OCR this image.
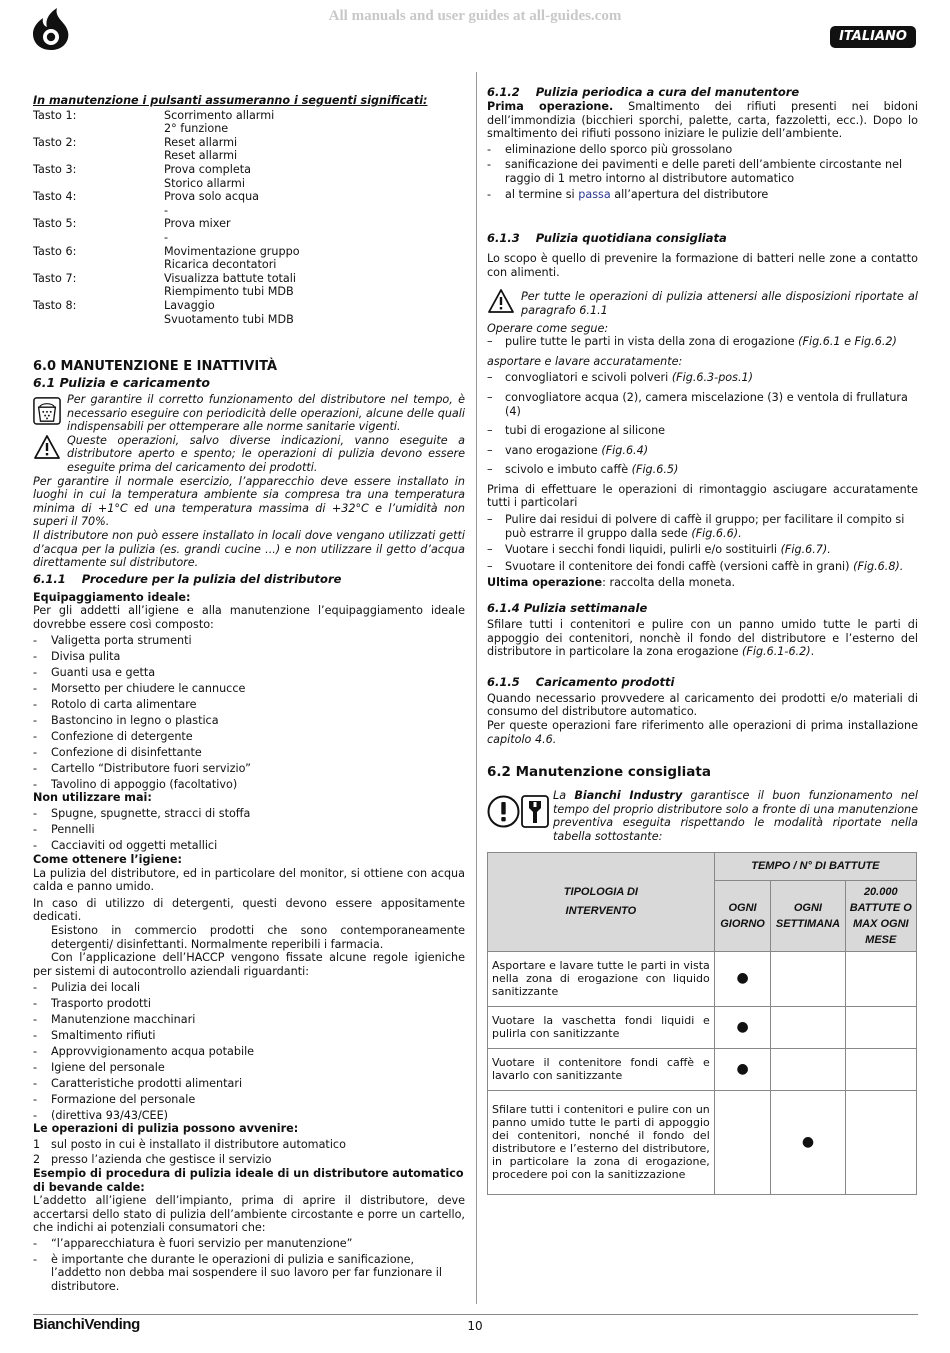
All manuals and user guides at all-guides.com
ITALIANO

In manutenzione i pulsanti assumeranno i seguenti significati:

Tasto 1:	Scorrimento allarmi
2° funzione
Tasto 2:	Reset allarmi
Reset allarmi
Tasto 3:	Prova completa
Storico allarmi
Tasto 4:	Prova solo acqua
-
Tasto 5:	Prova mixer
-
Tasto 6:	Movimentazione gruppo
Ricarica decontatori
Tasto 7:	Visualizza battute totali
Riempimento tubi MDB
Tasto 8:	Lavaggio
Svuotamento tubi MDB

6.0 MANUTENZIONE E INATTIVITÀ

6.1 Pulizia e caricamento

Per garantire il corretto funzionamento del distributore nel tempo, è necessario eseguire con periodicità delle operazioni, alcune delle quali indispensabili per ottemperare alle norme sanitarie vigenti.

Queste operazioni, salvo diverse indicazioni, vanno eseguite a distributore aperto e spento; le operazioni di pulizia devono essere eseguite prima del caricamento dei prodotti.

Per garantire il normale esercizio, l’apparecchio deve essere installato in luoghi in cui la temperatura ambiente sia compresa tra una temperatura minima di +1°C ed una temperatura massima di +32°C e l’umidità non superi il 70%.

Il distributore non può essere installato in locali dove vengano utilizzati getti d’acqua per la pulizia (es. grandi cucine ...) e non utilizzare il getto d’acqua direttamente sul distributore.

6.1.1 Procedure per la pulizia del distributore

Equipaggiamento ideale:

Per gli addetti all’igiene e alla manutenzione l’equipaggiamento ideale dovrebbe essere così composto:

-	Valigetta porta strumenti
-	Divisa pulita
-	Guanti usa e getta
-	Morsetto per chiudere le cannucce
-	Rotolo di carta alimentare
-	Bastoncino in legno o plastica
-	Confezione di detergente
-	Confezione di disinfettante
-	Cartello “Distributore fuori servizio”
-	Tavolino di appoggio (facoltativo)

Non utilizzare mai:

-	Spugne, spugnette, stracci di stoffa
-	Pennelli
-	Cacciaviti od oggetti metallici

Come ottenere l’igiene:

La pulizia del distributore, ed in particolare del monitor, si ottiene con acqua calda e panno umido.

In caso di utilizzo di detergenti, questi devono essere appositamente dedicati.

Esistono in commercio prodotti che sono contemporaneamente detergenti/ disinfettanti. Normalmente reperibili i farmacia.

Con l’applicazione dell’HACCP vengono fissate alcune regole igieniche per sistemi di autocontrollo aziendali riguardanti:

-	Pulizia dei locali
-	Trasporto prodotti
-	Manutenzione macchinari
-	Smaltimento rifiuti
-	Approvvigionamento acqua potabile
-	Igiene del personale
-	Caratteristiche prodotti alimentari
-	Formazione del personale
-	(direttiva 93/43/CEE)

Le operazioni di pulizia possono avvenire:

1 sul posto in cui è installato il distributore automatico
2 presso l’azienda che gestisce il servizio

Esempio di procedura di pulizia ideale di un distributore automatico di bevande calde:

L’addetto all’igiene dell’impianto, prima di aprire il distributore, deve accertarsi dello stato di pulizia dell’ambiente circostante e porre un cartello, che indichi ai potenziali consumatori che:

-	“l’apparecchiatura è fuori servizio per manutenzione”
-	è importante che durante le operazioni di pulizia e sanificazione, l’addetto non debba mai sospendere il suo lavoro per far funzionare il distributore.

6.1.2 Pulizia periodica a cura del manutentore

Prima operazione. Smaltimento dei rifiuti presenti nei bidoni dell’immondizia (bicchieri sporchi, palette, carta, fazzoletti, ecc.). Dopo lo smaltimento dei rifiuti possono iniziare le pulizie dell’ambiente.

-	eliminazione dello sporco più grossolano
-	sanificazione dei pavimenti e delle pareti dell’ambiente circostante nel raggio di 1 metro intorno al distributore automatico
-	al termine si passa all’apertura del distributore

6.1.3 Pulizia quotidiana consigliata

Lo scopo è quello di prevenire la formazione di batteri nelle zone a contatto con alimenti.

Per tutte le operazioni di pulizia attenersi alle disposizioni riportate al paragrafo 6.1.1

Operare come segue:

–	pulire tutte le parti in vista della zona di erogazione (Fig.6.1 e Fig.6.2)

asportare e lavare accuratamente:

–	convogliatori e scivoli polveri (Fig.6.3-pos.1)
–	convogliatore acqua (2), camera miscelazione (3) e ventola di frullatura (4)
–	tubi di erogazione al silicone
–	vano erogazione (Fig.6.4)
–	scivolo e imbuto caffè (Fig.6.5)

Prima di effettuare le operazioni di rimontaggio asciugare accuratamente tutti i particolari

–	Pulire dai residui di polvere di caffè il gruppo; per facilitare il compito si può estrarre il gruppo dalla sede (Fig.6.6).
–	Vuotare i secchi fondi liquidi, pulirli e/o sostituirli (Fig.6.7).
–	Svuotare il contenitore dei fondi caffè (versioni caffè in grani) (Fig.6.8).

Ultima operazione: raccolta della moneta.

6.1.4 Pulizia settimanale

Sfilare tutti i contenitori e pulire con un panno umido tutte le parti di appoggio dei contenitori, nonchè il fondo del distributore e l’esterno del distributore in particolare la zona erogazione (Fig.6.1-6.2).

6.1.5 Caricamento prodotti

Quando necessario provvedere al caricamento dei prodotti e/o materiali di consumo del distributore automatico.

Per queste operazioni fare riferimento alle operazioni di prima installazione capitolo 4.6.

6.2 Manutenzione consigliata

La Bianchi Industry garantisce il buon funzionamento nel tempo del proprio distributore solo a fronte di una manutenzione preventiva eseguita rispettando le modalità riportate nella tabella sottostante:

TIPOLOGIA DI INTERVENTO	TEMPO / N° DI BATTUTE		
	OGNI GIORNO	OGNI SETTIMANA	20.000 BATTUTE O MAX OGNI MESE
Asportare e lavare tutte le parti in vista nella zona di erogazione con liquido sanitizzante	●		
Vuotare la vaschetta fondi liquidi e pulirla con sanitizzante	●		
Vuotare il contenitore fondi caffè e lavarlo con sanitizzante	●		
Sfilare tutti i contenitori e pulire con un panno umido tutte le parti di appoggio dei contenitori, nonché il fondo del distributore e l’esterno del distributore, in particolare la zona di erogazione, procedere poi con la sanitizzazione		●	
BianchiVending	10
